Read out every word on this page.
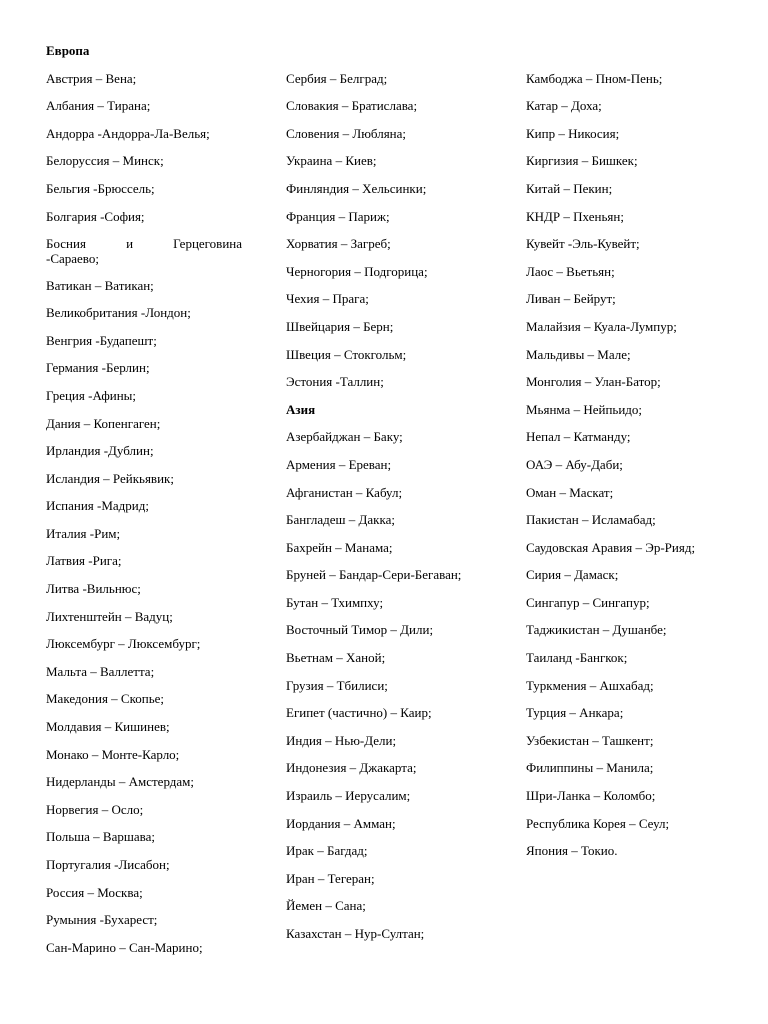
Европа
Австрия – Вена;
Албания – Тирана;
Андорра -Андорра-Ла-Велья;
Белоруссия – Минск;
Бельгия -Брюссель;
Болгария -София;
Босния и Герцеговина
-Сараево;
Ватикан – Ватикан;
Великобритания -Лондон;
Венгрия -Будапешт;
Германия -Берлин;
Греция -Афины;
Дания – Копенгаген;
Ирландия -Дублин;
Исландия – Рейкьявик;
Испания -Мадрид;
Италия -Рим;
Латвия -Рига;
Литва -Вильнюс;
Лихтенштейн – Вадуц;
Люксембург – Люксембург;
Мальта – Валлетта;
Македония – Скопье;
Молдавия – Кишинев;
Монако – Монте-Карло;
Нидерланды – Амстердам;
Норвегия – Осло;
Польша – Варшава;
Португалия -Лисабон;
Россия – Москва;
Румыния -Бухарест;
Сан-Марино – Сан-Марино;
Сербия – Белград;
Словакия – Братислава;
Словения – Любляна;
Украина – Киев;
Финляндия – Хельсинки;
Франция – Париж;
Хорватия – Загреб;
Черногория – Подгорица;
Чехия – Прага;
Швейцария – Берн;
Швеция – Стокгольм;
Эстония -Таллин;
Азия
Азербайджан – Баку;
Армения – Ереван;
Афганистан – Кабул;
Бангладеш – Дакка;
Бахрейн – Манама;
Бруней – Бандар-Сери-Бегаван;
Бутан – Тхимпху;
Восточный Тимор – Дили;
Вьетнам – Ханой;
Грузия – Тбилиси;
Египет (частично) – Каир;
Индия – Нью-Дели;
Индонезия – Джакарта;
Израиль – Иерусалим;
Иордания – Амман;
Ирак – Багдад;
Иран – Тегеран;
Йемен – Сана;
Казахстан – Нур-Султан;
Камбоджа – Пном-Пень;
Катар – Доха;
Кипр – Никосия;
Киргизия – Бишкек;
Китай – Пекин;
КНДР – Пхеньян;
Кувейт -Эль-Кувейт;
Лаос – Вьетьян;
Ливан – Бейрут;
Малайзия – Куала-Лумпур;
Мальдивы – Мале;
Монголия – Улан-Батор;
Мьянма – Нейпьидо;
Непал – Катманду;
ОАЭ – Абу-Даби;
Оман – Маскат;
Пакистан – Исламабад;
Саудовская Аравия – Эр-Рияд;
Сирия – Дамаск;
Сингапур – Сингапур;
Таджикистан – Душанбе;
Таиланд -Бангкок;
Туркмения – Ашхабад;
Турция – Анкара;
Узбекистан – Ташкент;
Филиппины – Манила;
Шри-Ланка – Коломбо;
Республика Корея – Сеул;
Япония – Токио.
